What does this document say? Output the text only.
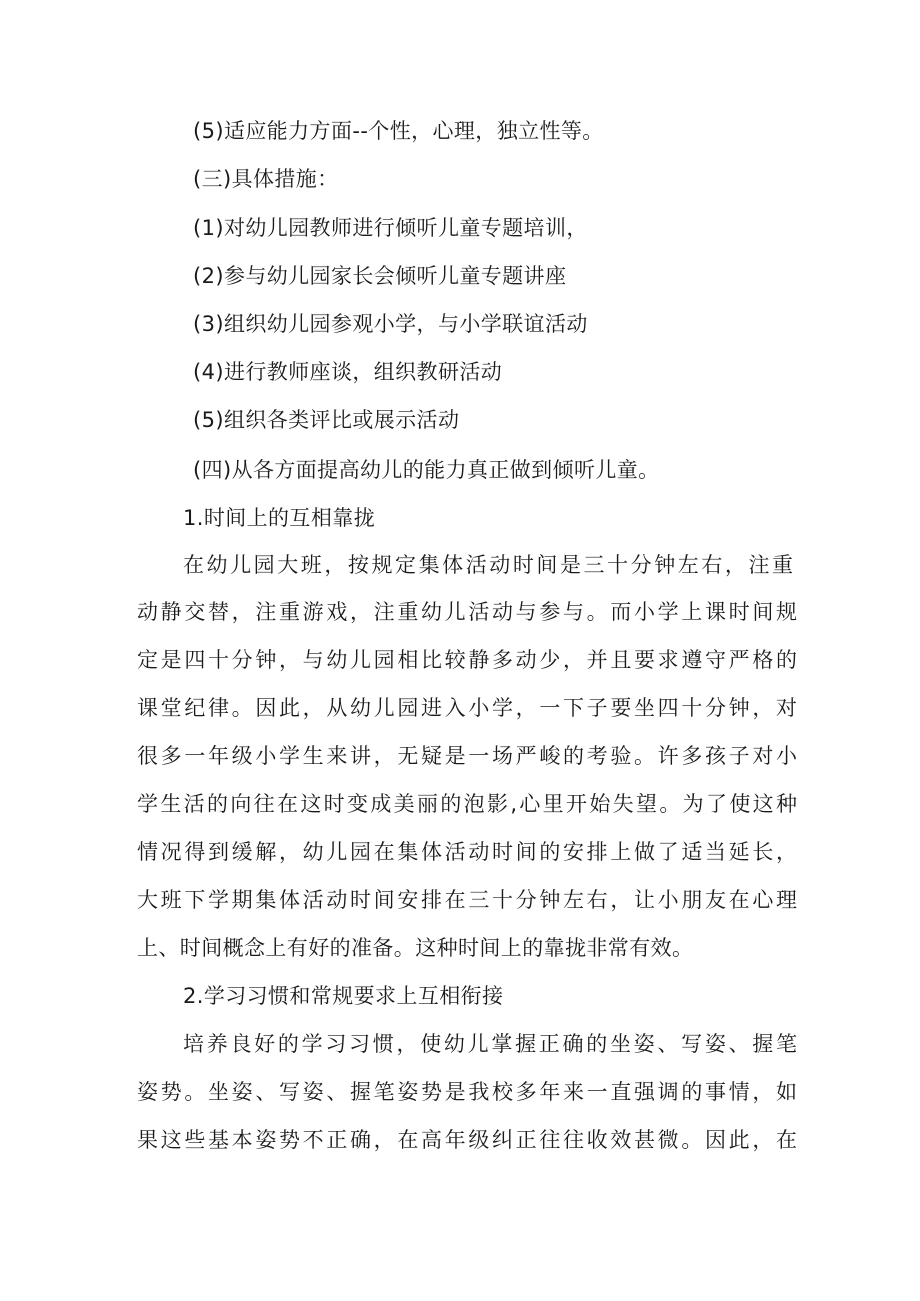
(5)适应能力方面--个性，心理，独立性等。
(三)具体措施：
(1)对幼儿园教师进行倾听儿童专题培训，
(2)参与幼儿园家长会倾听儿童专题讲座
(3)组织幼儿园参观小学，与小学联谊活动
(4)进行教师座谈，组织教研活动
(5)组织各类评比或展示活动
(四)从各方面提高幼儿的能力真正做到倾听儿童。
1.时间上的互相靠拢
在幼儿园大班，按规定集体活动时间是三十分钟左右，注重
动静交替，注重游戏，注重幼儿活动与参与。而小学上课时间规
定是四十分钟，与幼儿园相比较静多动少，并且要求遵守严格的
课堂纪律。因此，从幼儿园进入小学，一下子要坐四十分钟，对
很多一年级小学生来讲，无疑是一场严峻的考验。许多孩子对小
学生活的向往在这时变成美丽的泡影,心里开始失望。为了使这种
情况得到缓解，幼儿园在集体活动时间的安排上做了适当延长，
大班下学期集体活动时间安排在三十分钟左右，让小朋友在心理
上、时间概念上有好的准备。这种时间上的靠拢非常有效。
2.学习习惯和常规要求上互相衔接
培养良好的学习习惯，使幼儿掌握正确的坐姿、写姿、握笔
姿势。坐姿、写姿、握笔姿势是我校多年来一直强调的事情，如
果这些基本姿势不正确，在高年级纠正往往收效甚微。因此，在
